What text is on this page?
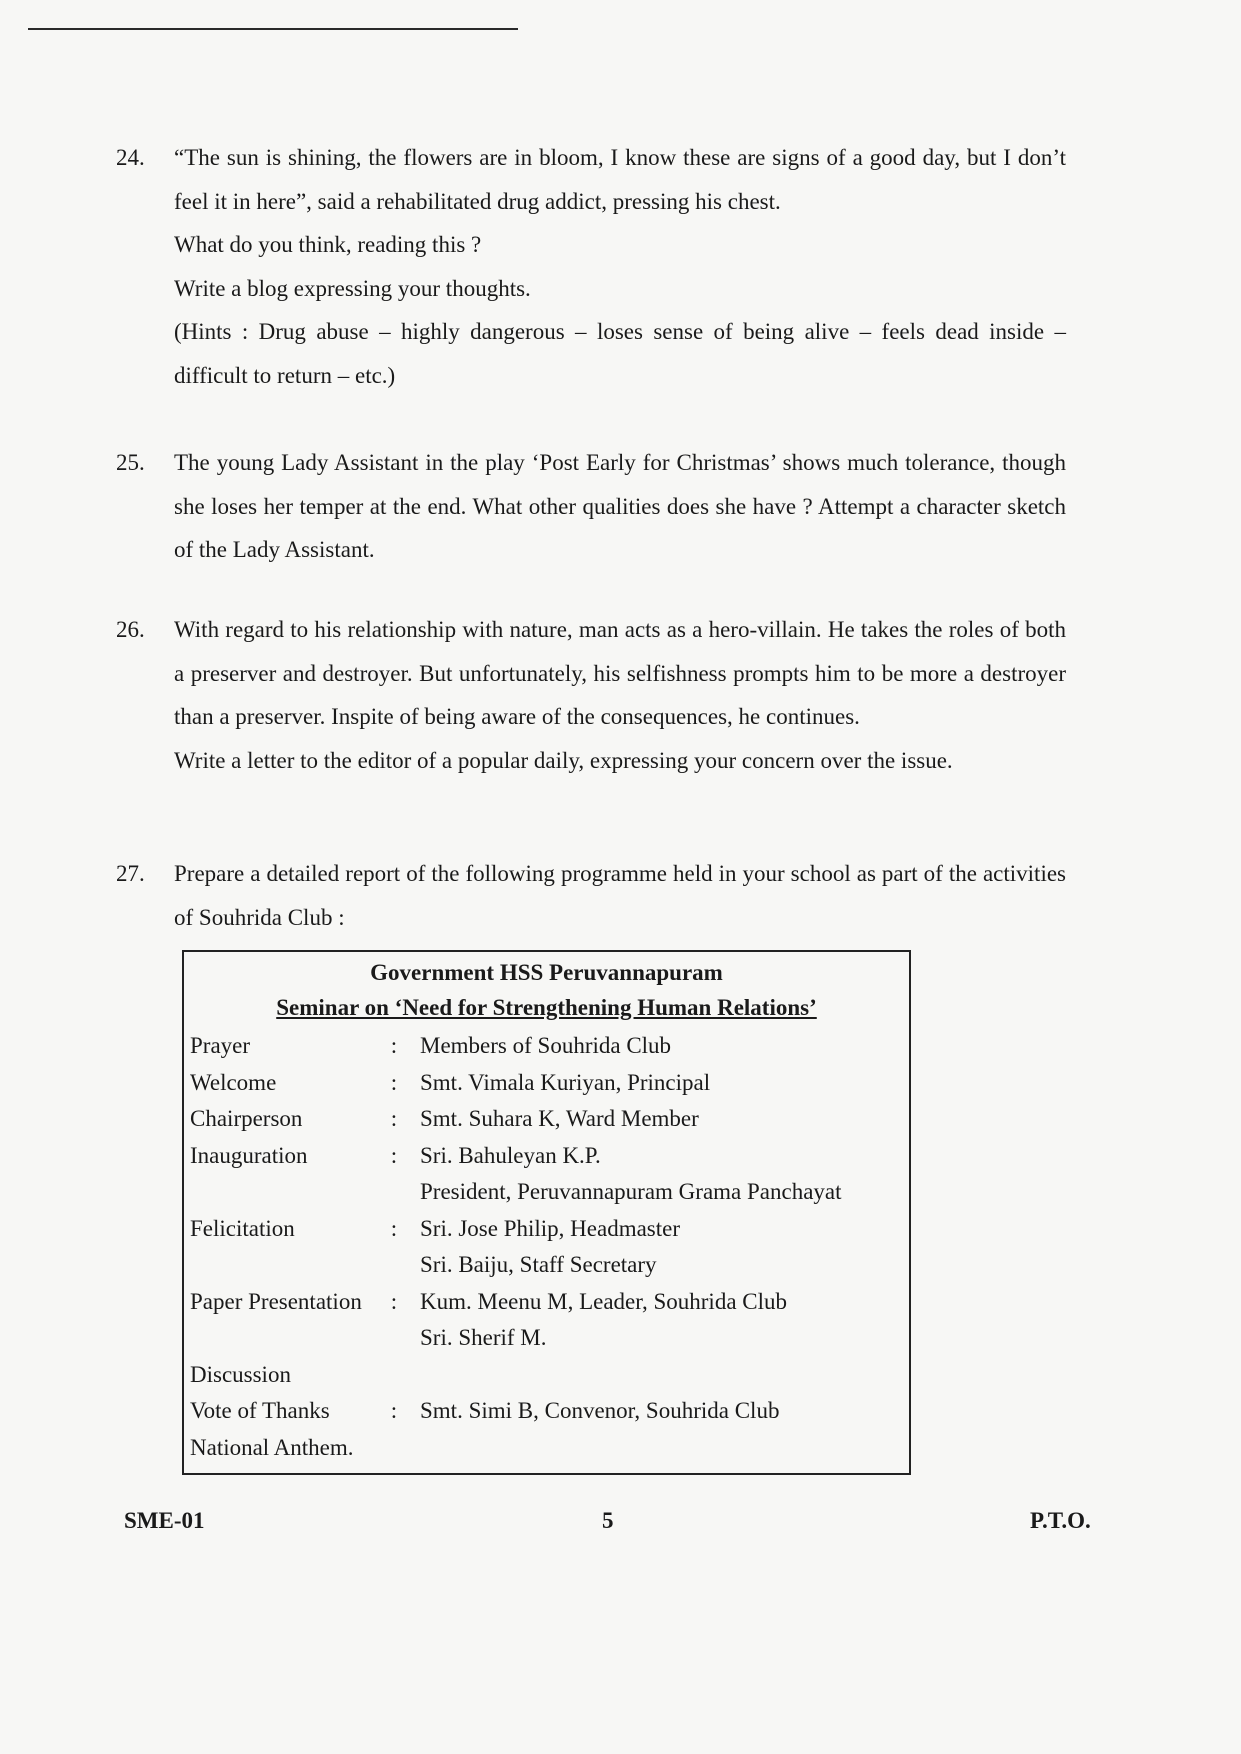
24. “The sun is shining, the flowers are in bloom, I know these are signs of a good day, but I don’t feel it in here”, said a rehabilitated drug addict, pressing his chest.

What do you think, reading this ?

Write a blog expressing your thoughts.

(Hints : Drug abuse – highly dangerous – loses sense of being alive – feels dead inside – difficult to return – etc.)

25. The young Lady Assistant in the play ‘Post Early for Christmas’ shows much tolerance, though she loses her temper at the end. What other qualities does she have ? Attempt a character sketch of the Lady Assistant.

26. With regard to his relationship with nature, man acts as a hero-villain. He takes the roles of both a preserver and destroyer. But unfortunately, his selfishness prompts him to be more a destroyer than a preserver. Inspite of being aware of the consequences, he continues.

Write a letter to the editor of a popular daily, expressing your concern over the issue.

27. Prepare a detailed report of the following programme held in your school as part of the activities of Souhrida Club :

Government HSS Peruvannapuram
Seminar on ‘Need for Strengthening Human Relations’
Prayer	: Members of Souhrida Club
Welcome	: Smt. Vimala Kuriyan, Principal
Chairperson	: Smt. Suhara K, Ward Member
Inauguration	: Sri. Bahuleyan K.P.
President, Peruvannapuram Grama Panchayat
Felicitation	: Sri. Jose Philip, Headmaster
Sri. Baiju, Staff Secretary
Paper Presentation	: Kum. Meenu M, Leader, Souhrida Club
Sri. Sherif M.
Discussion
Vote of Thanks	: Smt. Simi B, Convenor, Souhrida Club
National Anthem.
SME-01	5	P.T.O.
